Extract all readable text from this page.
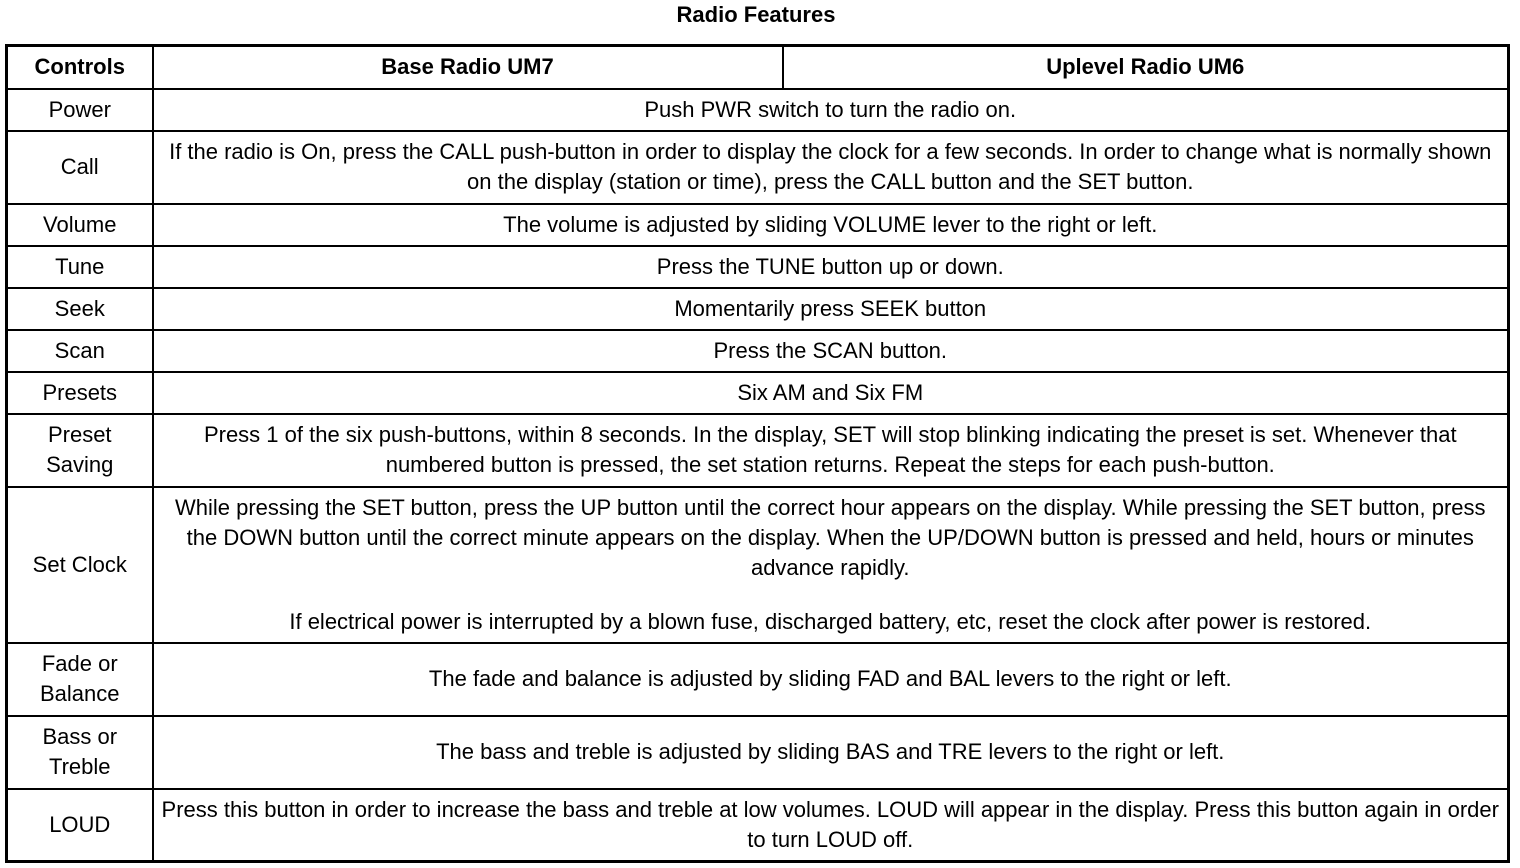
Radio Features
Controls	Base Radio UM7	Uplevel Radio UM6
Power	Push PWR switch to turn the radio on.	
Call	If the radio is On, press the CALL push-button in order to display the clock for a few seconds. In order to change what is normally shown on the display (station or time), press the CALL button and the SET button.	
Volume	The volume is adjusted by sliding VOLUME lever to the right or left.	
Tune	Press the TUNE button up or down.	
Seek	Momentarily press SEEK button	
Scan	Press the SCAN button.	
Presets	Six AM and Six FM	
Preset Saving	Press 1 of the six push-buttons, within 8 seconds. In the display, SET will stop blinking indicating the preset is set. Whenever that numbered button is pressed, the set station returns. Repeat the steps for each push-button.	
Set Clock	While pressing the SET button, press the UP button until the correct hour appears on the display. While pressing the SET button, press the DOWN button until the correct minute appears on the display. When the UP/DOWN button is pressed and held, hours or minutes advance rapidly.
If electrical power is interrupted by a blown fuse, discharged battery, etc, reset the clock after power is restored.	

Fade or Balance	The fade and balance is adjusted by sliding FAD and BAL levers to the right or left.	
Bass or Treble	The bass and treble is adjusted by sliding BAS and TRE levers to the right or left.	
LOUD	Press this button in order to increase the bass and treble at low volumes. LOUD will appear in the display. Press this button again in order to turn LOUD off.	
